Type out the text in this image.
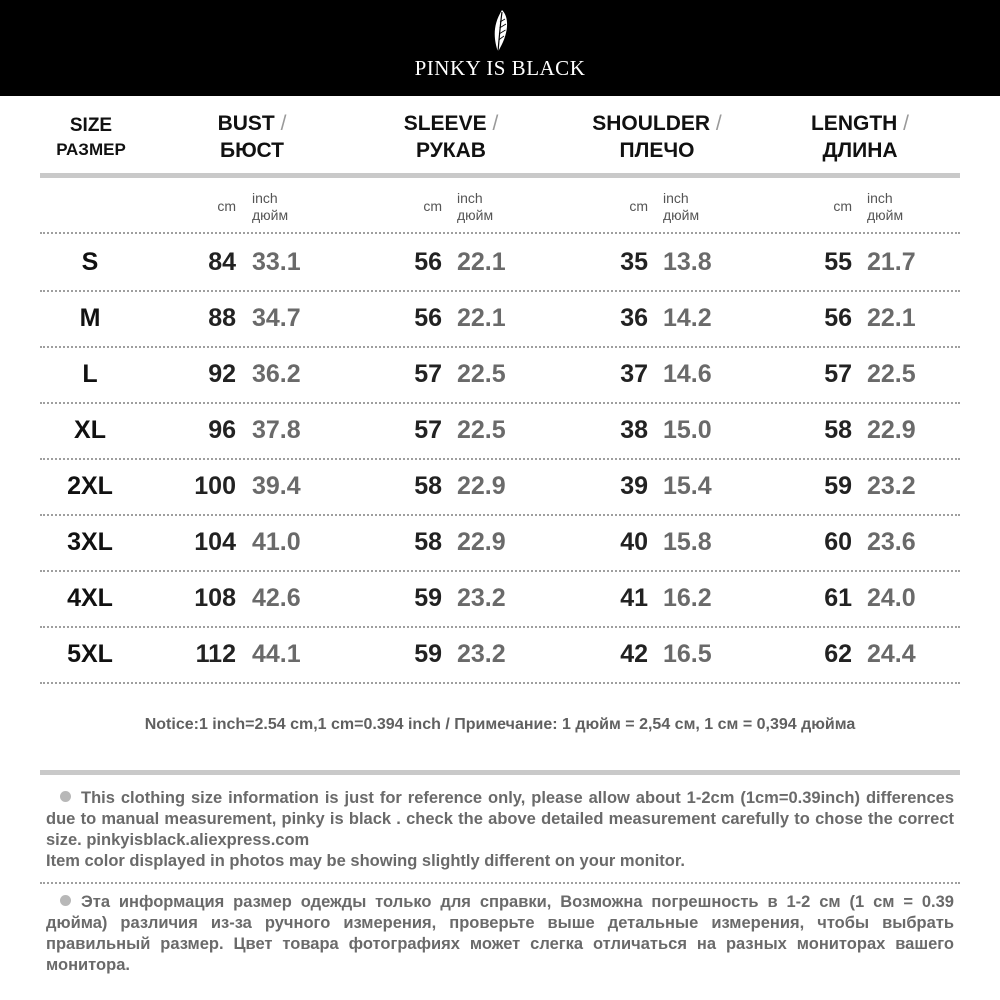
PINKY IS BLACK
SIZE
РАЗМЕР
BUST /
БЮСТ
SLEEVE /
РУКАВ
SHOULDER /
ПЛЕЧО
LENGTH /
ДЛИНА
cm inch
дюйм
cm inch
дюйм
cm inch
дюйм
cm inch
дюйм
S	84 33.1	56 22.1	35 13.8	55 21.7
M	88 34.7	56 22.1	36 14.2	56 22.1
L	92 36.2	57 22.5	37 14.6	57 22.5
XL	96 37.8	57 22.5	38 15.0	58 22.9
2XL	100 39.4	58 22.9	39 15.4	59 23.2
3XL	104 41.0	58 22.9	40 15.8	60 23.6
4XL	108 42.6	59 23.2	41 16.2	61 24.0
5XL	112 44.1	59 23.2	42 16.5	62 24.4
Notice:1 inch=2.54 cm,1 cm=0.394 inch / Примечание: 1 дюйм = 2,54 см, 1 см = 0,394 дюйма
This clothing size information is just for reference only, please allow about 1-2cm (1cm=0.39inch) differences due to manual measurement, pinky is black . check the above detailed measurement carefully to chose the correct size. pinkyisblack.aliexpress.com
Item color displayed in photos may be showing slightly different on your monitor.
Эта информация размер одежды только для справки, Возможна погрешность в 1-2 см (1 см = 0.39 дюйма) различия из-за ручного измерения, проверьте выше детальные измерения, чтобы выбрать правильный размер. Цвет товара фотографиях может слегка отличаться на разных мониторах вашего монитора.
